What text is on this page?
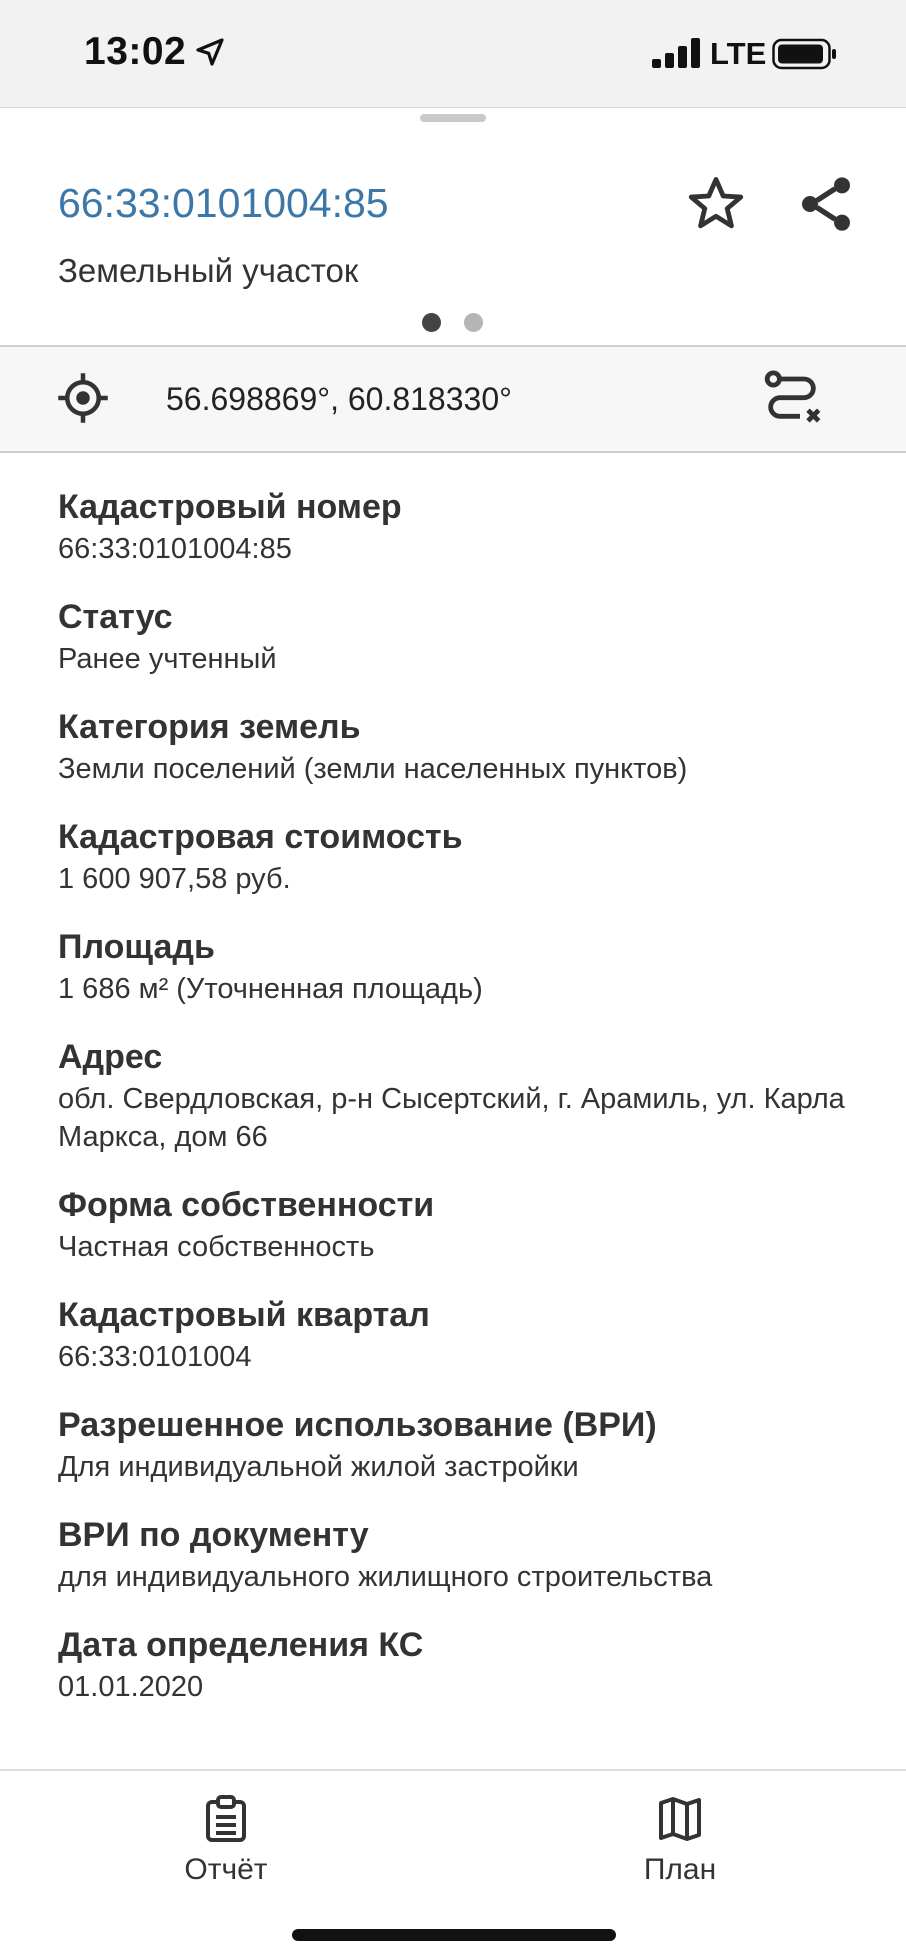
13:02	LTE
66:33:0101004:85
Земельный участок
56.698869°, 60.818330°
Кадастровый номер
66:33:0101004:85
Статус
Ранее учтенный
Категория земель
Земли поселений (земли населенных пунктов)
Кадастровая стоимость
1 600 907,58 руб.
Площадь
1 686 м² (Уточненная площадь)
Адрес
обл. Свердловская, р-н Сысертский, г. Арамиль, ул. Карла Маркса, дом 66
Форма собственности
Частная собственность
Кадастровый квартал
66:33:0101004
Разрешенное использование (ВРИ)
Для индивидуальной жилой застройки
ВРИ по документу
для индивидуального жилищного строительства
Дата определения КС
01.01.2020
Отчёт	План
